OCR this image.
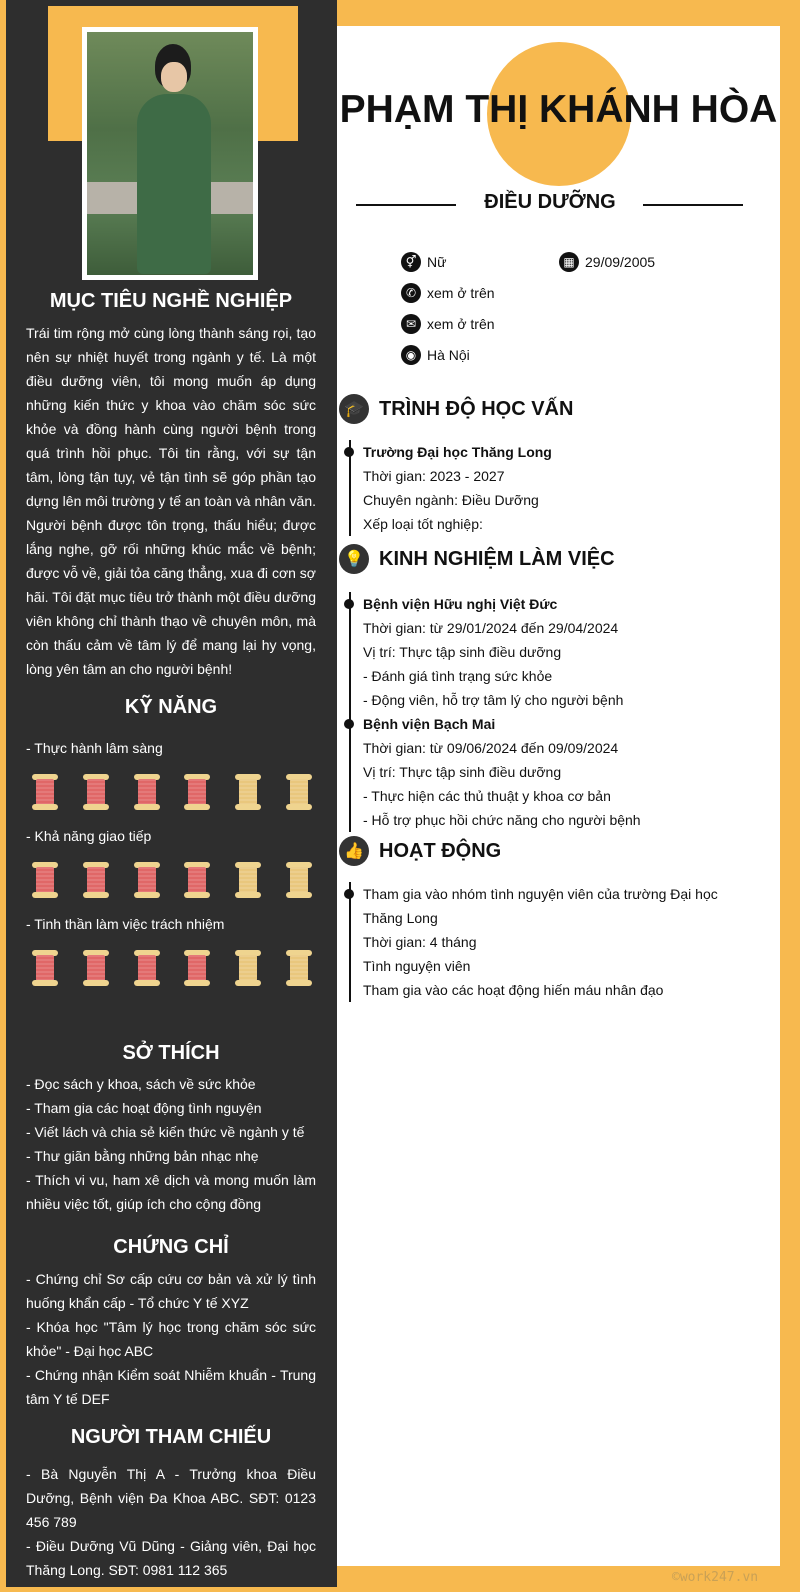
MỤC TIÊU NGHỀ NGHIỆP
Trái tim rộng mở cùng lòng thành sáng rọi, tạo nên sự nhiệt huyết trong ngành y tế. Là một điều dưỡng viên, tôi mong muốn áp dụng những kiến thức y khoa vào chăm sóc sức khỏe và đồng hành cùng người bệnh trong quá trình hồi phục. Tôi tin rằng, với sự tận tâm, lòng tận tụy, vẻ tận tình sẽ góp phần tạo dựng lên môi trường y tế an toàn và nhân văn. Người bệnh được tôn trọng, thấu hiểu; được lắng nghe, gỡ rối những khúc mắc về bệnh; được vỗ về, giải tỏa căng thẳng, xua đi cơn sợ hãi. Tôi đặt mục tiêu trở thành một điều dưỡng viên không chỉ thành thạo về chuyên môn, mà còn thấu cảm về tâm lý để mang lại hy vọng, lòng yên tâm an cho người bệnh!
KỸ NĂNG
- Thực hành lâm sàng
- Khả năng giao tiếp
- Tinh thần làm việc trách nhiệm
SỞ THÍCH
- Đọc sách y khoa, sách về sức khỏe
- Tham gia các hoạt động tình nguyện
- Viết lách và chia sẻ kiến thức về ngành y tế
- Thư giãn bằng những bản nhạc nhẹ
- Thích vi vu, ham xê dịch và mong muốn làm nhiều việc tốt, giúp ích cho cộng đồng
CHỨNG CHỈ
- Chứng chỉ Sơ cấp cứu cơ bản và xử lý tình huống khẩn cấp - Tổ chức Y tế XYZ
- Khóa học "Tâm lý học trong chăm sóc sức khỏe" - Đại học ABC
- Chứng nhận Kiểm soát Nhiễm khuẩn - Trung tâm Y tế DEF
NGƯỜI THAM CHIẾU
- Bà Nguyễn Thị A - Trưởng khoa Điều Dưỡng, Bệnh viện Đa Khoa ABC. SĐT: 0123 456 789
- Điều Dưỡng Vũ Dũng - Giảng viên, Đại học Thăng Long. SĐT: 0981 112 365
PHẠM THỊ KHÁNH HÒA
ĐIỀU DƯỠNG
⚥ Nữ	▦ 29/09/2005
✆ xem ở trên
✉ xem ở trên
◉ Hà Nội
🎓 TRÌNH ĐỘ HỌC VẤN
Trường Đại học Thăng Long
Thời gian: 2023 - 2027
Chuyên ngành: Điều Dưỡng
Xếp loại tốt nghiệp:
💡 KINH NGHIỆM LÀM VIỆC
Bệnh viện Hữu nghị Việt Đức
Thời gian: từ 29/01/2024 đến 29/04/2024
Vị trí: Thực tập sinh điều dưỡng
- Đánh giá tình trạng sức khỏe
- Động viên, hỗ trợ tâm lý cho người bệnh
Bệnh viện Bạch Mai
Thời gian: từ 09/06/2024 đến 09/09/2024
Vị trí: Thực tập sinh điều dưỡng
- Thực hiện các thủ thuật y khoa cơ bản
- Hỗ trợ phục hồi chức năng cho người bệnh
👍 HOẠT ĐỘNG
Tham gia vào nhóm tình nguyện viên của trường Đại học
Thăng Long
Thời gian: 4 tháng
Tình nguyện viên
Tham gia vào các hoạt động hiến máu nhân đạo
©work247.vn
